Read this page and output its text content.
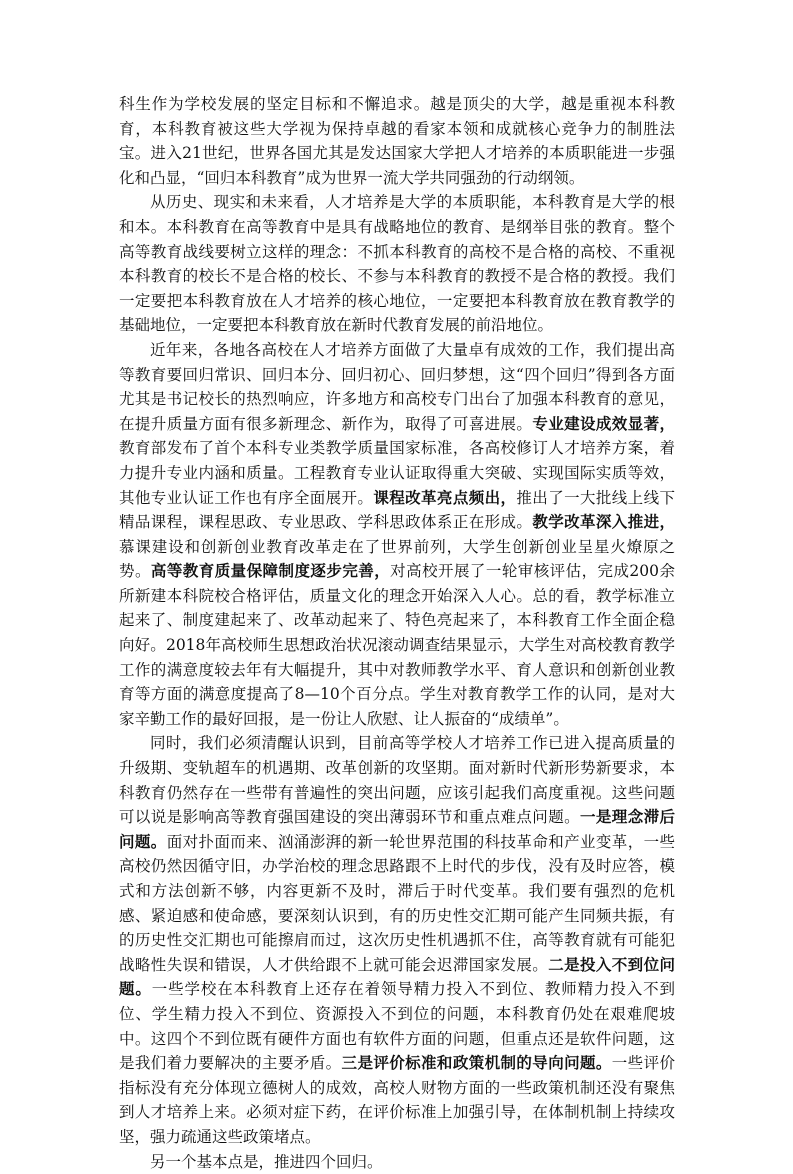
科生作为学校发展的坚定目标和不懈追求。越是顶尖的大学，越是重视本科教育，本科教育被这些大学视为保持卓越的看家本领和成就核心竞争力的制胜法宝。进入21世纪，世界各国尤其是发达国家大学把人才培养的本质职能进一步强化和凸显，“回归本科教育”成为世界一流大学共同强劲的行动纲领。

从历史、现实和未来看，人才培养是大学的本质职能，本科教育是大学的根和本。本科教育在高等教育中是具有战略地位的教育、是纲举目张的教育。整个高等教育战线要树立这样的理念：不抓本科教育的高校不是合格的高校、不重视本科教育的校长不是合格的校长、不参与本科教育的教授不是合格的教授。我们一定要把本科教育放在人才培养的核心地位，一定要把本科教育放在教育教学的基础地位，一定要把本科教育放在新时代教育发展的前沿地位。

近年来，各地各高校在人才培养方面做了大量卓有成效的工作，我们提出高等教育要回归常识、回归本分、回归初心、回归梦想，这“四个回归”得到各方面尤其是书记校长的热烈响应，许多地方和高校专门出台了加强本科教育的意见，在提升质量方面有很多新理念、新作为，取得了可喜进展。专业建设成效显著，教育部发布了首个本科专业类教学质量国家标准，各高校修订人才培养方案，着力提升专业内涵和质量。工程教育专业认证取得重大突破、实现国际实质等效，其他专业认证工作也有序全面展开。课程改革亮点频出，推出了一大批线上线下精品课程，课程思政、专业思政、学科思政体系正在形成。教学改革深入推进，慕课建设和创新创业教育改革走在了世界前列，大学生创新创业呈星火燎原之势。高等教育质量保障制度逐步完善，对高校开展了一轮审核评估，完成200余所新建本科院校合格评估，质量文化的理念开始深入人心。总的看，教学标准立起来了、制度建起来了、改革动起来了、特色亮起来了，本科教育工作全面企稳向好。2018年高校师生思想政治状况滚动调查结果显示，大学生对高校教育教学工作的满意度较去年有大幅提升，其中对教师教学水平、育人意识和创新创业教育等方面的满意度提高了8—10个百分点。学生对教育教学工作的认同，是对大家辛勤工作的最好回报，是一份让人欣慰、让人振奋的“成绩单”。

同时，我们必须清醒认识到，目前高等学校人才培养工作已进入提高质量的升级期、变轨超车的机遇期、改革创新的攻坚期。面对新时代新形势新要求，本科教育仍然存在一些带有普遍性的突出问题，应该引起我们高度重视。这些问题可以说是影响高等教育强国建设的突出薄弱环节和重点难点问题。一是理念滞后问题。面对扑面而来、汹涌澎湃的新一轮世界范围的科技革命和产业变革，一些高校仍然因循守旧，办学治校的理念思路跟不上时代的步伐，没有及时应答，模式和方法创新不够，内容更新不及时，滞后于时代变革。我们要有强烈的危机感、紧迫感和使命感，要深刻认识到，有的历史性交汇期可能产生同频共振，有的历史性交汇期也可能擦肩而过，这次历史性机遇抓不住，高等教育就有可能犯战略性失误和错误，人才供给跟不上就可能会迟滞国家发展。二是投入不到位问题。一些学校在本科教育上还存在着领导精力投入不到位、教师精力投入不到位、学生精力投入不到位、资源投入不到位的问题，本科教育仍处在艰难爬坡中。这四个不到位既有硬件方面也有软件方面的问题，但重点还是软件问题，这是我们着力要解决的主要矛盾。三是评价标准和政策机制的导向问题。一些评价指标没有充分体现立德树人的成效，高校人财物方面的一些政策机制还没有聚焦到人才培养上来。必须对症下药，在评价标准上加强引导，在体制机制上持续攻坚，强力疏通这些政策堵点。

另一个基本点是，推进四个回归。
